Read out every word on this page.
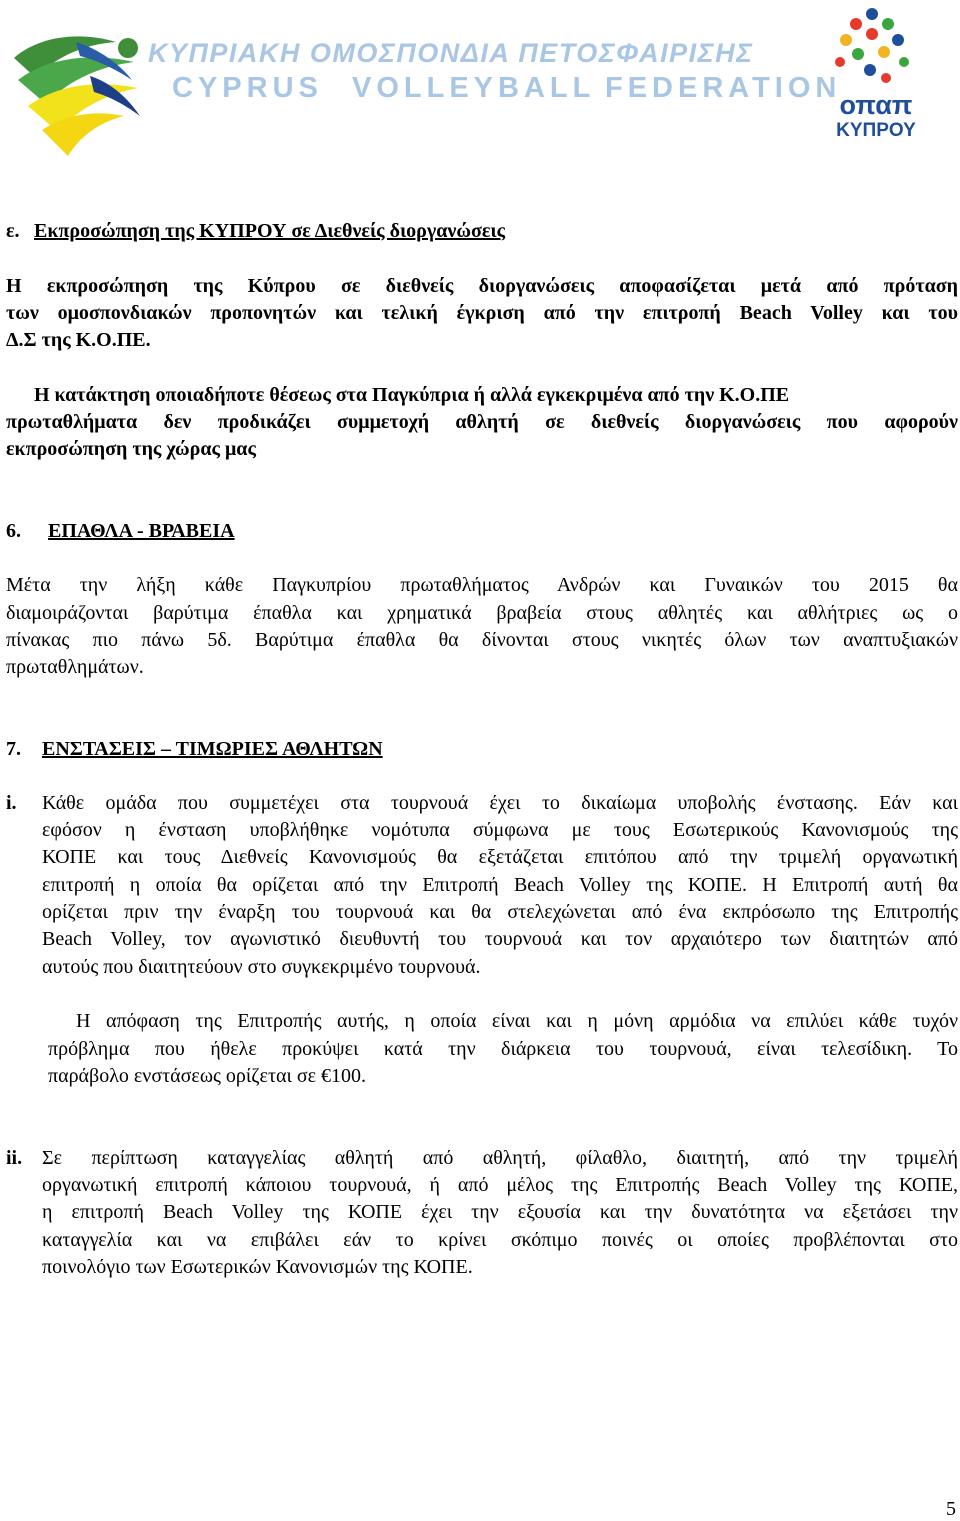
ΚΥΠΡΙΑΚΗ ΟΜΟΣΠΟΝΔΙΑ ΠΕΤΟΣΦΑΙΡΙΣΗΣ
CYPRUS VOLLEYBALL FEDERATION
οπαπ
ΚΥΠΡΟΥ
ε. Εκπροσώπηση της ΚΥΠΡΟΥ σε Διεθνείς διοργανώσεις
Η εκπροσώπηση της Κύπρου σε διεθνείς διοργανώσεις αποφασίζεται μετά από πρόταση
των ομοσπονδιακών προπονητών και τελική έγκριση από την επιτροπή Beach Volley και του
Δ.Σ της Κ.Ο.ΠΕ.
Η κατάκτηση οποιαδήποτε θέσεως στα Παγκύπρια ή αλλά εγκεκριμένα από την Κ.Ο.ΠΕ
πρωταθλήματα δεν προδικάζει συμμετοχή αθλητή σε διεθνείς διοργανώσεις που αφορούν
εκπροσώπηση της χώρας μας
6. ΕΠΑΘΛΑ - ΒΡΑΒΕΙΑ
Μέτα την λήξη κάθε Παγκυπρίου πρωταθλήματος Ανδρών και Γυναικών του 2015 θα
διαμοιράζονται βαρύτιμα έπαθλα και χρηματικά βραβεία στους αθλητές και αθλήτριες ως ο
πίνακας πιο πάνω 5δ. Βαρύτιμα έπαθλα θα δίνονται στους νικητές όλων των αναπτυξιακών
πρωταθλημάτων.
7. ΕΝΣΤΑΣΕΙΣ – ΤΙΜΩΡΙΕΣ ΑΘΛΗΤΩΝ
i. Κάθε ομάδα που συμμετέχει στα τουρνουά έχει το δικαίωμα υποβολής ένστασης. Εάν και
εφόσον η ένσταση υποβλήθηκε νομότυπα σύμφωνα με τους Εσωτερικούς Κανονισμούς της
ΚΟΠΕ και τους Διεθνείς Κανονισμούς θα εξετάζεται επιτόπου από την τριμελή οργανωτική
επιτροπή η οποία θα ορίζεται από την Επιτροπή Beach Volley της ΚΟΠΕ. Η Επιτροπή αυτή θα
ορίζεται πριν την έναρξη του τουρνουά και θα στελεχώνεται από ένα εκπρόσωπο της Επιτροπής
Beach Volley, τον αγωνιστικό διευθυντή του τουρνουά και τον αρχαιότερο των διαιτητών από
αυτούς που διαιτητεύουν στο συγκεκριμένο τουρνουά.
Η απόφαση της Επιτροπής αυτής, η οποία είναι και η μόνη αρμόδια να επιλύει κάθε τυχόν
πρόβλημα που ήθελε προκύψει κατά την διάρκεια του τουρνουά, είναι τελεσίδικη. Το
παράβολο ενστάσεως ορίζεται σε €100.
ii. Σε περίπτωση καταγγελίας αθλητή από αθλητή, φίλαθλο, διαιτητή, από την τριμελή
οργανωτική επιτροπή κάποιου τουρνουά, ή από μέλος της Επιτροπής Beach Volley της ΚΟΠΕ,
η επιτροπή Beach Volley της ΚΟΠΕ έχει την εξουσία και την δυνατότητα να εξετάσει την
καταγγελία και να επιβάλει εάν το κρίνει σκόπιμο ποινές οι οποίες προβλέπονται στο
ποινολόγιο των Εσωτερικών Κανονισμών της ΚΟΠΕ.
5
